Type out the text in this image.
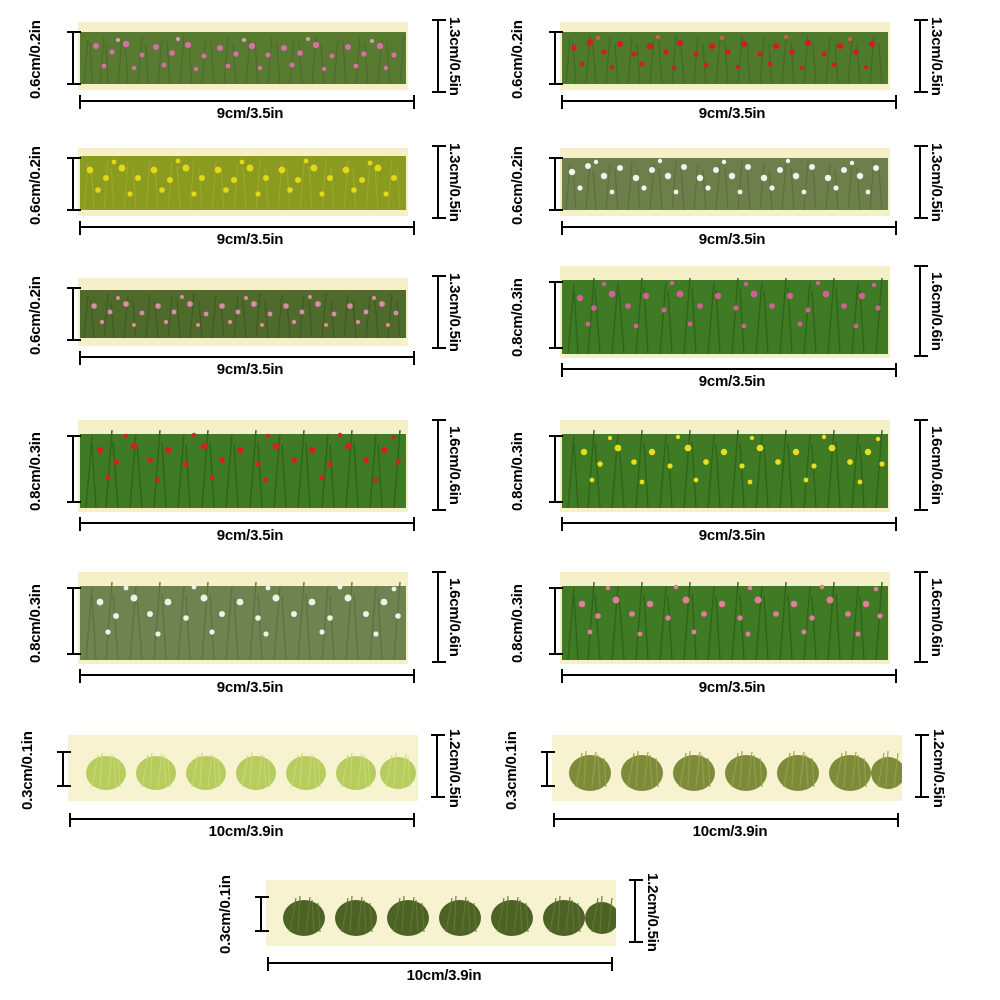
0.6cm/0.2in	1.3cm/0.5in
9cm/3.5in
0.6cm/0.2in	1.3cm/0.5in
9cm/3.5in
0.6cm/0.2in	1.3cm/0.5in
9cm/3.5in
0.6cm/0.2in	1.3cm/0.5in
9cm/3.5in
0.6cm/0.2in	1.3cm/0.5in
9cm/3.5in
0.8cm/0.3in	1.6cm/0.6in
9cm/3.5in
0.8cm/0.3in	1.6cm/0.6in
9cm/3.5in
0.8cm/0.3in	1.6cm/0.6in
9cm/3.5in
0.8cm/0.3in	1.6cm/0.6in
9cm/3.5in
0.8cm/0.3in	1.6cm/0.6in
9cm/3.5in
0.3cm/0.1in	1.2cm/0.5in
10cm/3.9in
0.3cm/0.1in	1.2cm/0.5in
10cm/3.9in
0.3cm/0.1in	1.2cm/0.5in
10cm/3.9in
